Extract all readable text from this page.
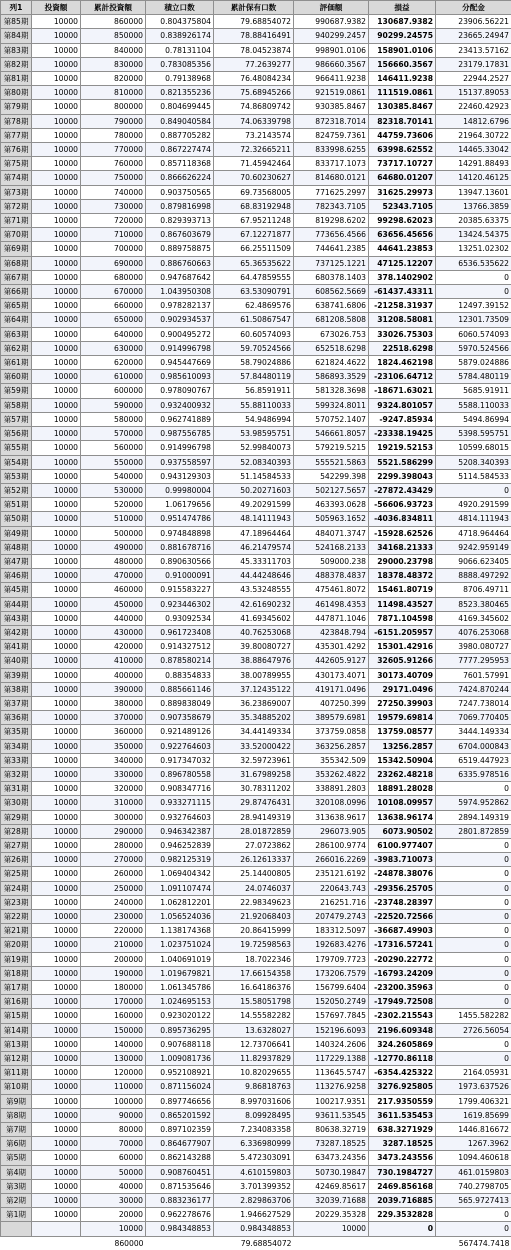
列1	投資額	累計投資額	積立口数	累計保有口数	評価額	損益	分配金
第85期	10000	860000	0.804375804	79.68854072	990687.9382	130687.9382	23906.56221
第84期	10000	850000	0.838926174	78.88416491	940299.2457	90299.24575	23665.24947
第83期	10000	840000	0.78131104	78.04523874	998901.0106	158901.0106	23413.57162
第82期	10000	830000	0.783085356	77.2639277	986660.3567	156660.3567	23179.17831
第81期	10000	820000	0.79138968	76.48084234	966411.9238	146411.9238	22944.2527
第80期	10000	810000	0.821355236	75.68945266	921519.0861	111519.0861	15137.89053
第79期	10000	800000	0.804699445	74.86809742	930385.8467	130385.8467	22460.42923
第78期	10000	790000	0.849040584	74.06339798	872318.7014	82318.70141	14812.6796
第77期	10000	780000	0.887705282	73.2143574	824759.7361	44759.73606	21964.30722
第76期	10000	770000	0.867227474	72.32665211	833998.6255	63998.62552	14465.33042
第75期	10000	760000	0.857118368	71.45942464	833717.1073	73717.10727	14291.88493
第74期	10000	750000	0.866626224	70.60230627	814680.0121	64680.01207	14120.46125
第73期	10000	740000	0.903750565	69.73568005	771625.2997	31625.29973	13947.13601
第72期	10000	730000	0.879816998	68.83192948	782343.7105	52343.7105	13766.3859
第71期	10000	720000	0.829393713	67.95211248	819298.6202	99298.62023	20385.63375
第70期	10000	710000	0.867603679	67.12271877	773656.4566	63656.45656	13424.54375
第69期	10000	700000	0.889758875	66.25511509	744641.2385	44641.23853	13251.02302
第68期	10000	690000	0.886760663	65.36535622	737125.1221	47125.12207	6536.535622
第67期	10000	680000	0.947687642	64.47859555	680378.1403	378.1402902	0
第66期	10000	670000	1.043950308	63.53090791	608562.5669	-61437.43311	0
第65期	10000	660000	0.978282137	62.4869576	638741.6806	-21258.31937	12497.39152
第64期	10000	650000	0.902934537	61.50867547	681208.5808	31208.58081	12301.73509
第63期	10000	640000	0.900495272	60.60574093	673026.753	33026.75303	6060.574093
第62期	10000	630000	0.914996798	59.70524566	652518.6298	22518.6298	5970.524566
第61期	10000	620000	0.945447669	58.79024886	621824.4622	1824.462198	5879.024886
第60期	10000	610000	0.985610093	57.84480119	586893.3529	-23106.64712	5784.480119
第59期	10000	600000	0.978090767	56.8591911	581328.3698	-18671.63021	5685.91911
第58期	10000	590000	0.932400932	55.88110033	599324.8011	9324.801057	5588.110033
第57期	10000	580000	0.962741889	54.9486994	570752.1407	-9247.85934	5494.86994
第56期	10000	570000	0.987556785	53.98595751	546661.8057	-23338.19425	5398.595751
第55期	10000	560000	0.914996798	52.99840073	579219.5215	19219.52153	10599.68015
第54期	10000	550000	0.937558597	52.08340393	555521.5863	5521.586299	5208.340393
第53期	10000	540000	0.943129303	51.14584533	542299.398	2299.398043	5114.584533
第52期	10000	530000	0.99980004	50.20271603	502127.5657	-27872.43429	0
第51期	10000	520000	1.06179656	49.20291599	463393.0628	-56606.93723	4920.291599
第50期	10000	510000	0.951474786	48.14111943	505963.1652	-4036.834811	4814.111943
第49期	10000	500000	0.974848898	47.18964464	484071.3747	-15928.62526	4718.964464
第48期	10000	490000	0.881678716	46.21479574	524168.2133	34168.21333	9242.959149
第47期	10000	480000	0.890630566	45.33311703	509000.238	29000.23798	9066.623405
第46期	10000	470000	0.91000091	44.44248646	488378.4837	18378.48372	8888.497292
第45期	10000	460000	0.915583227	43.53248555	475461.8072	15461.80719	8706.49711
第44期	10000	450000	0.923446302	42.61690232	461498.4353	11498.43527	8523.380465
第43期	10000	440000	0.93092534	41.69345602	447871.1046	7871.104598	4169.345602
第42期	10000	430000	0.961723408	40.76253068	423848.794	-6151.205957	4076.253068
第41期	10000	420000	0.914327512	39.80080727	435301.4292	15301.42916	3980.080727
第40期	10000	410000	0.878580214	38.88647976	442605.9127	32605.91266	7777.295953
第39期	10000	400000	0.88354833	38.00789955	430173.4071	30173.40709	7601.57991
第38期	10000	390000	0.885661146	37.12435122	419171.0496	29171.0496	7424.870244
第37期	10000	380000	0.889838049	36.23869007	407250.399	27250.39903	7247.738014
第36期	10000	370000	0.907358679	35.34885202	389579.6981	19579.69814	7069.770405
第35期	10000	360000	0.921489126	34.44149334	373759.0858	13759.08577	3444.149334
第34期	10000	350000	0.922764603	33.52000422	363256.2857	13256.2857	6704.000843
第33期	10000	340000	0.917347032	32.59723961	355342.509	15342.50904	6519.447923
第32期	10000	330000	0.896780558	31.67989258	353262.4822	23262.48218	6335.978516
第31期	10000	320000	0.908347716	30.78311202	338891.2803	18891.28028	0
第30期	10000	310000	0.933271115	29.87476431	320108.0996	10108.09957	5974.952862
第29期	10000	300000	0.932764603	28.94149319	313638.9617	13638.96174	2894.149319
第28期	10000	290000	0.946342387	28.01872859	296073.905	6073.90502	2801.872859
第27期	10000	280000	0.946252839	27.0723862	286100.9774	6100.977407	0
第26期	10000	270000	0.982125319	26.12613337	266016.2269	-3983.710073	0
第25期	10000	260000	1.069404342	25.14400805	235121.6192	-24878.38076	0
第24期	10000	250000	1.091107474	24.0746037	220643.743	-29356.25705	0
第23期	10000	240000	1.062812201	22.98349623	216251.716	-23748.28397	0
第22期	10000	230000	1.056524036	21.92068403	207479.2743	-22520.72566	0
第21期	10000	220000	1.138174368	20.86415999	183312.5097	-36687.49903	0
第20期	10000	210000	1.023751024	19.72598563	192683.4276	-17316.57241	0
第19期	10000	200000	1.040691019	18.7022346	179709.7723	-20290.22772	0
第18期	10000	190000	1.019679821	17.66154358	173206.7579	-16793.24209	0
第17期	10000	180000	1.061345786	16.64186376	156799.6404	-23200.35963	0
第16期	10000	170000	1.024695153	15.58051798	152050.2749	-17949.72508	0
第15期	10000	160000	0.923020122	14.55582282	157697.7845	-2302.215543	1455.582282
第14期	10000	150000	0.895736295	13.6328027	152196.6093	2196.609348	2726.56054
第13期	10000	140000	0.907688118	12.73706641	140324.2606	324.2605869	0
第12期	10000	130000	1.009081736	11.82937829	117229.1388	-12770.86118	0
第11期	10000	120000	0.952108921	10.82029655	113645.5747	-6354.425322	2164.05931
第10期	10000	110000	0.871156024	9.86818763	113276.9258	3276.925805	1973.637526
第9期	10000	100000	0.897746656	8.997031606	100217.9351	217.9350559	1799.406321
第8期	10000	90000	0.865201592	8.09928495	93611.53545	3611.535453	1619.85699
第7期	10000	80000	0.897102359	7.234083358	80638.32719	638.3271929	1446.816672
第6期	10000	70000	0.864677907	6.336980999	73287.18525	3287.18525	1267.3962
第5期	10000	60000	0.862143288	5.472303091	63473.24356	3473.243556	1094.460618
第4期	10000	50000	0.908760451	4.610159803	50730.19847	730.1984727	461.0159803
第3期	10000	40000	0.871535646	3.701399352	42469.85617	2469.856168	740.2798705
第2期	10000	30000	0.883236177	2.829863706	32039.71688	2039.716885	565.9727413
第1期	10000	20000	0.962278676	1.946627529	20229.35328	229.3532828	0
		10000	0.984348853	0.984348853	10000	0	0
		860000		79.68854072			567474.7418
